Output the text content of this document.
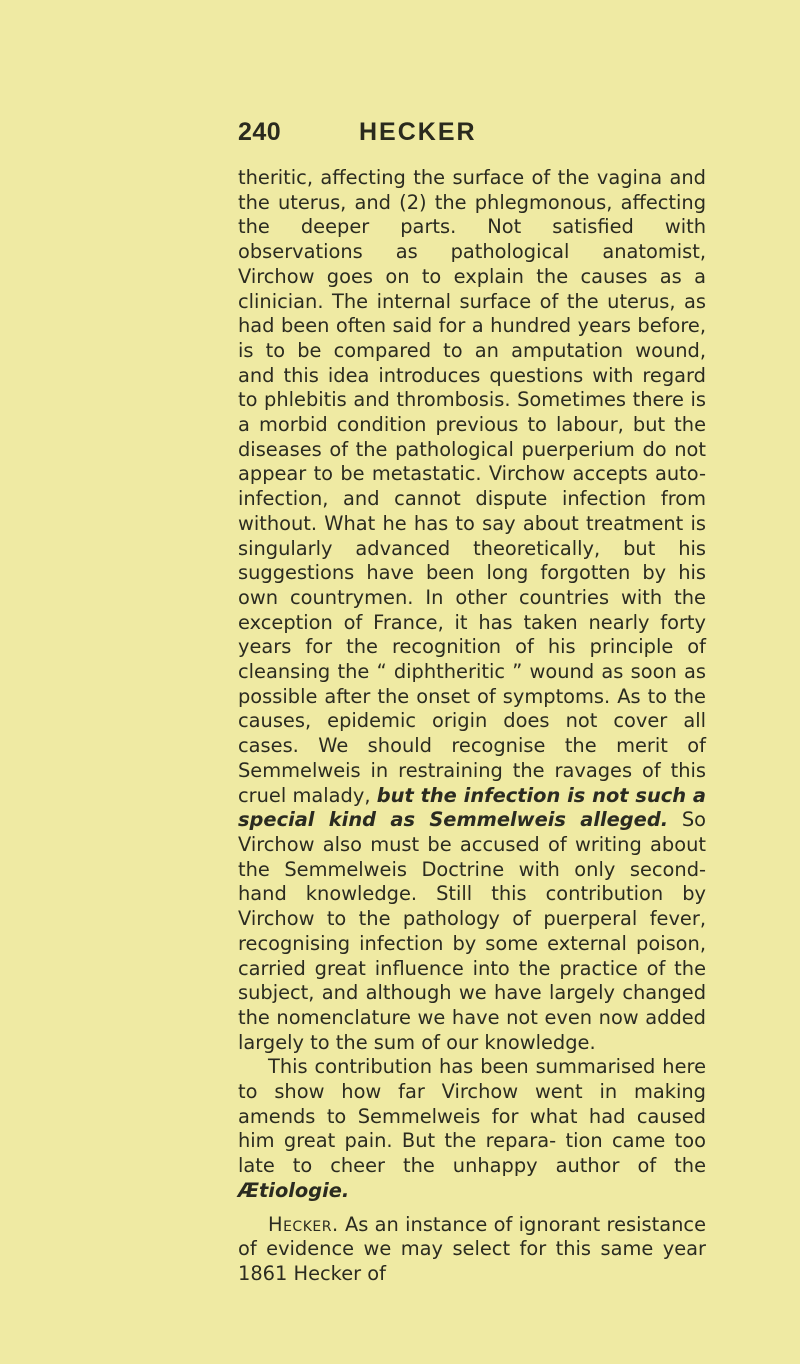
240	HECKER

theritic, affecting the surface of the vagina and the uterus, and (2) the phlegmonous, affecting the deeper parts. Not satisfied with observations as pathological anatomist, Virchow goes on to explain the causes as a clinician. The internal surface of the uterus, as had been often said for a hundred years before, is to be compared to an amputation wound, and this idea introduces questions with regard to phlebitis and thrombosis. Sometimes there is a morbid condition previous to labour, but the diseases of the pathological puerperium do not appear to be metastatic. Virchow accepts auto-infection, and cannot dispute infection from without. What he has to say about treatment is singularly advanced theoretically, but his suggestions have been long forgotten by his own countrymen. In other countries with the exception of France, it has taken nearly forty years for the recognition of his principle of cleansing the “ diphtheritic ” wound as soon as possible after the onset of symptoms. As to the causes, epidemic origin does not cover all cases. We should recognise the merit of Semmelweis in restraining the ravages of this cruel malady, but the infection is not such a special kind as Semmelweis alleged. So Virchow also must be accused of writing about the Semmelweis Doctrine with only second-hand knowledge. Still this contribution by Virchow to the pathology of puerperal fever, recognising infection by some external poison, carried great influence into the practice of the subject, and although we have largely changed the nomenclature we have not even now added largely to the sum of our knowledge.

This contribution has been summarised here to show how far Virchow went in making amends to Semmelweis for what had caused him great pain. But the repara- tion came too late to cheer the unhappy author of the Ætiologie.

Hecker. As an instance of ignorant resistance of evidence we may select for this same year 1861 Hecker of
